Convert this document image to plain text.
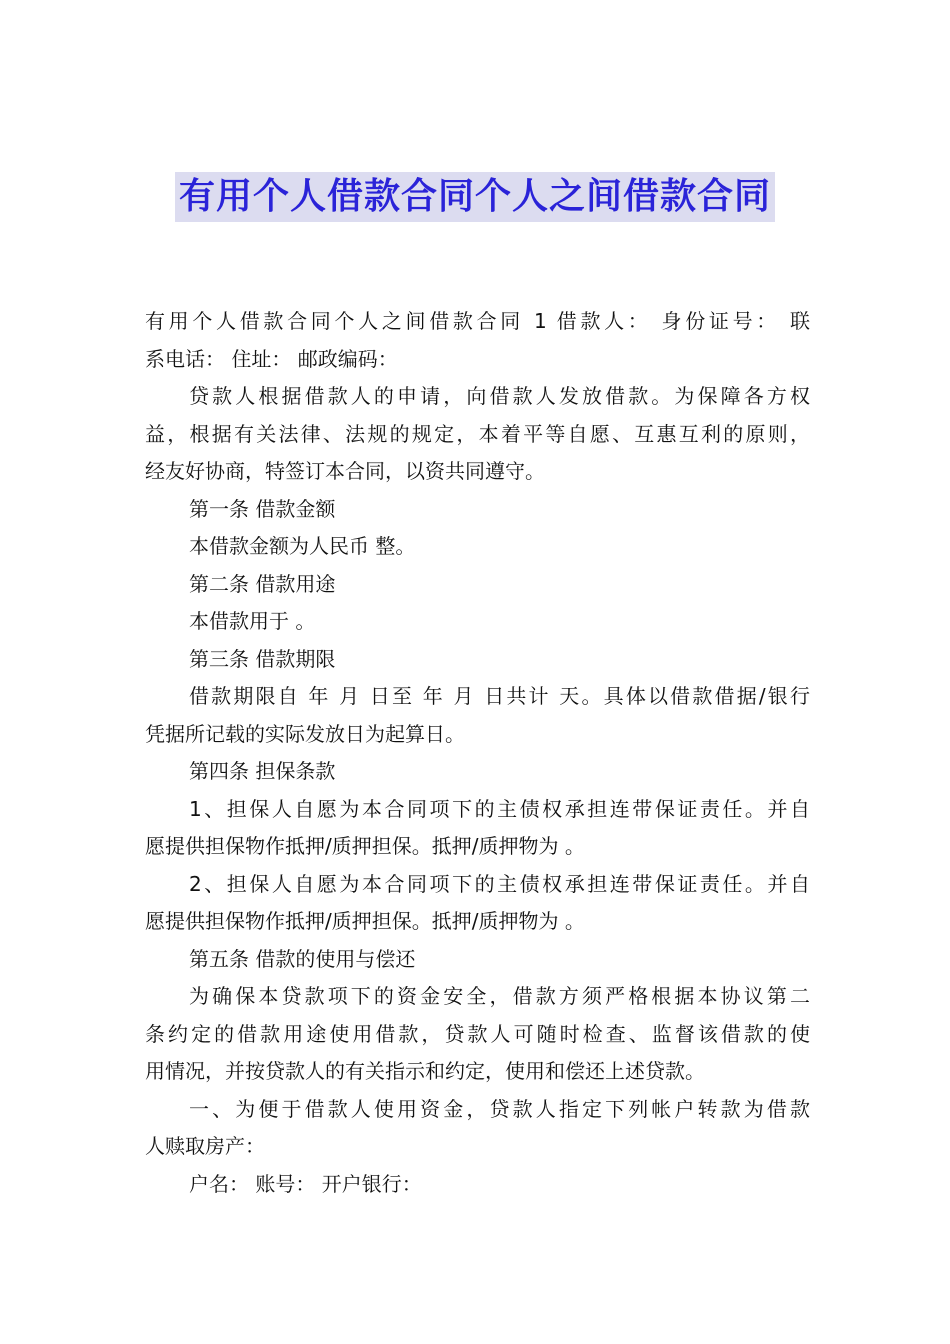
有用个人借款合同个人之间借款合同
有用个人借款合同个人之间借款合同 1 借款人： 身份证号： 联
系电话： 住址： 邮政编码：
贷款人根据借款人的申请，向借款人发放借款。为保障各方权
益，根据有关法律、法规的规定，本着平等自愿、互惠互利的原则，
经友好协商，特签订本合同，以资共同遵守。
第一条 借款金额
本借款金额为人民币 整。
第二条 借款用途
本借款用于 。
第三条 借款期限
借款期限自 年 月 日至 年 月 日共计 天。具体以借款借据/银行
凭据所记载的实际发放日为起算日。
第四条 担保条款
1、担保人自愿为本合同项下的主债权承担连带保证责任。并自
愿提供担保物作抵押/质押担保。抵押/质押物为 。
2、担保人自愿为本合同项下的主债权承担连带保证责任。并自
愿提供担保物作抵押/质押担保。抵押/质押物为 。
第五条 借款的使用与偿还
为确保本贷款项下的资金安全，借款方须严格根据本协议第二
条约定的借款用途使用借款，贷款人可随时检查、监督该借款的使
用情况，并按贷款人的有关指示和约定，使用和偿还上述贷款。
一、为便于借款人使用资金，贷款人指定下列帐户转款为借款
人赎取房产：
户名： 账号： 开户银行：
